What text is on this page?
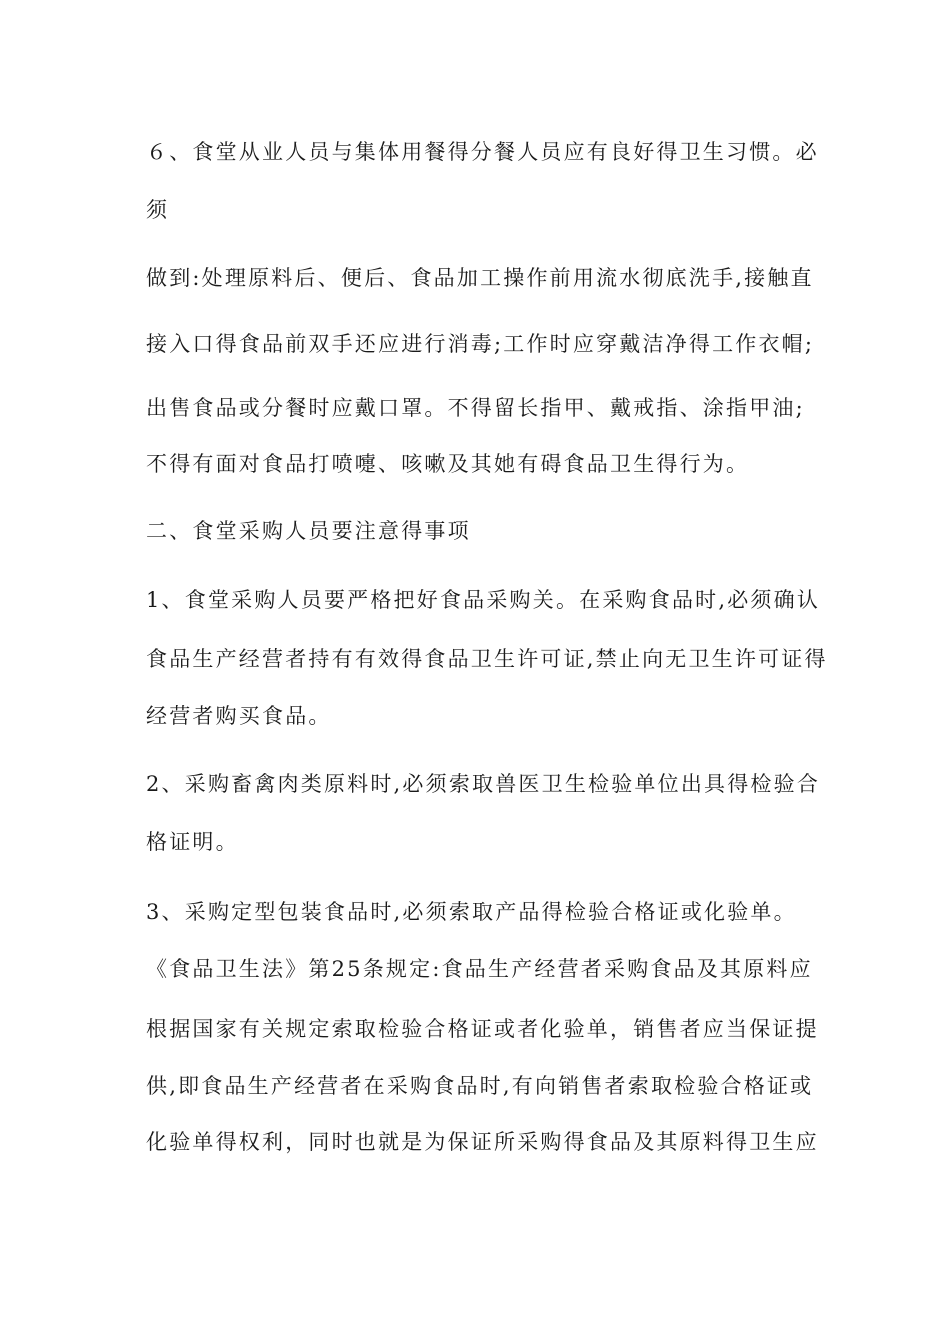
６、食堂从业人员与集体用餐得分餐人员应有良好得卫生习惯。必
须
做到:处理原料后、便后、食品加工操作前用流水彻底洗手,接触直
接入口得食品前双手还应进行消毒;工作时应穿戴洁净得工作衣帽;
出售食品或分餐时应戴口罩。不得留长指甲、戴戒指、涂指甲油;
不得有面对食品打喷嚏、咳嗽及其她有碍食品卫生得行为。
二、食堂采购人员要注意得事项
1、食堂采购人员要严格把好食品采购关。在采购食品时,必须确认
食品生产经营者持有有效得食品卫生许可证,禁止向无卫生许可证得
经营者购买食品。
2、采购畜禽肉类原料时,必须索取兽医卫生检验单位出具得检验合
格证明。
3、采购定型包装食品时,必须索取产品得检验合格证或化验单。
《食品卫生法》第25条规定:食品生产经营者采购食品及其原料应
根据国家有关规定索取检验合格证或者化验单，销售者应当保证提
供,即食品生产经营者在采购食品时,有向销售者索取检验合格证或
化验单得权利，同时也就是为保证所采购得食品及其原料得卫生应
